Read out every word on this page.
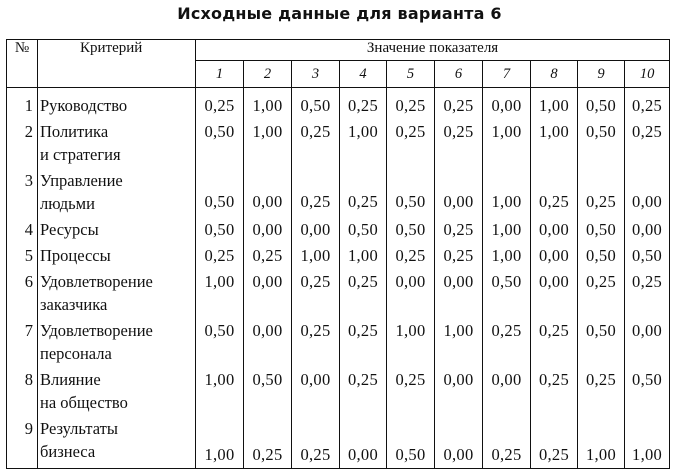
Исходные данные для варианта 6
№	Критерий	Значение показателя									
		1	2	3	4	5	6	7	8	9	10
1	Руководство	0,25	1,00	0,50	0,25	0,25	0,25	0,00	1,00	0,50	0,25
2	Политика
и стратегия	0,50	1,00	0,25	1,00	0,25	0,25	1,00	1,00	0,50	0,25
3	Управление
людьми	0,50	0,00	0,25	0,25	0,50	0,00	1,00	0,25	0,25	0,00
4	Ресурсы	0,50	0,00	0,00	0,50	0,50	0,25	1,00	0,00	0,50	0,00
5	Процессы	0,25	0,25	1,00	1,00	0,25	0,25	1,00	0,00	0,50	0,50
6	Удовлетворение
заказчика	1,00	0,00	0,25	0,25	0,00	0,00	0,50	0,00	0,25	0,25
7	Удовлетворение
персонала	0,50	0,00	0,25	0,25	1,00	1,00	0,25	0,25	0,50	0,00
8	Влияние
на общество	1,00	0,50	0,00	0,25	0,25	0,00	0,00	0,25	0,25	0,50
9	Результаты
бизнеса	1,00	0,25	0,25	0,00	0,50	0,00	0,25	0,25	1,00	1,00
